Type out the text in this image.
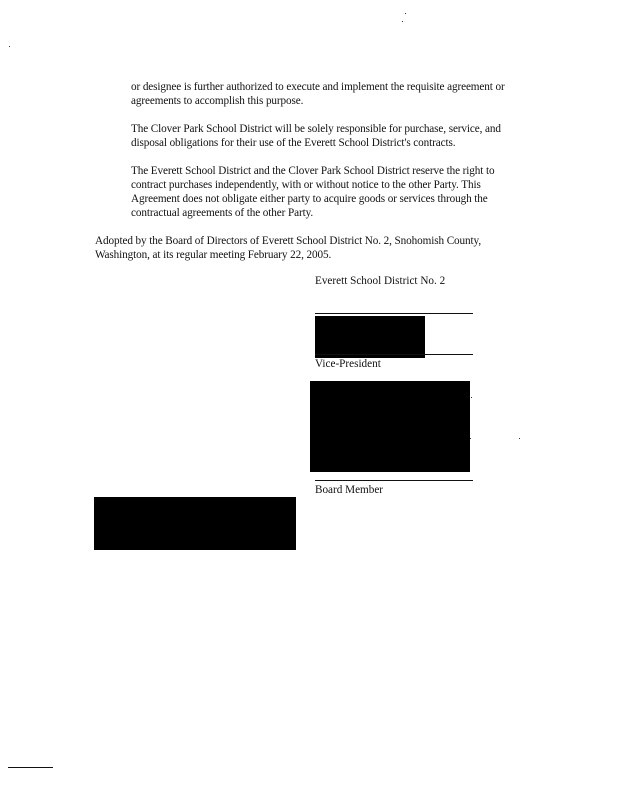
or designee is further authorized to execute and implement the requisite agreement or agreements to accomplish this purpose.
The Clover Park School District will be solely responsible for purchase, service, and disposal obligations for their use of the Everett School District's contracts.
The Everett School District and the Clover Park School District reserve the right to contract purchases independently, with or without notice to the other Party. This Agreement does not obligate either party to acquire goods or services through the contractual agreements of the other Party.
Adopted by the Board of Directors of Everett School District No. 2, Snohomish County, Washington, at its regular meeting February 22, 2005.
Everett School District No. 2
Vice-President
Board Member
